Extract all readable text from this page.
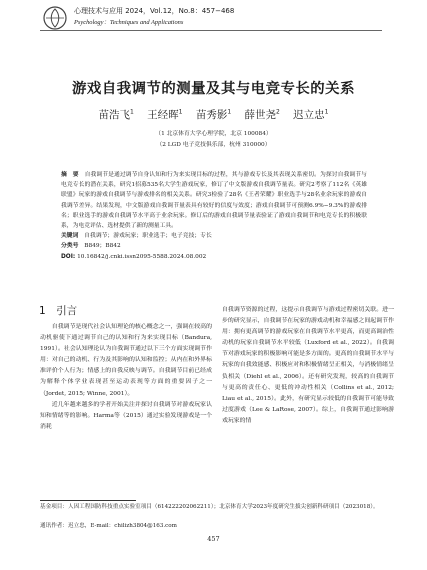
心理技术与应用 2024，Vol.12，No.8：457−468
Psychology：Techniques and Applications
游戏自我调节的测量及其与电竞专长的关系
苗浩飞$^1$ 王经晖$^1$ 苗秀影$^1$ 薛世尧$^2$ 迟立忠$^1$
（1 北京体育大学心理学院，北京 100084）
（2 LGD 电子竞技俱乐部，杭州 310000）

摘　要　 自我调节是通过调节自身认知和行为来实现目标的过程，其与游戏专长及其表现关系密切。为探讨自我调节与电竞专长的潜在关系，研究1招募535名大学生游戏玩家，修订了中文版游戏自我调节量表。研究2考察了112名《英雄联盟》玩家的游戏自我调节与游戏排名的相关关系。研究3检验了28名《王者荣耀》职业选手与28名业余玩家的游戏自我调节差异。结果发现，中文版游戏自我调节量表具有较好的信度与效度；游戏自我调节可预测6.9%−9.3%的游戏排名；职业选手的游戏自我调节水平高于业余玩家。修订后的游戏自我调节量表验证了游戏自我调节和电竞专长的积极联系，为电竞评估、选材提供了新的测量工具。

关键词　 自我调节；游戏玩家；职业选手；电子竞技；专长

分类号　 B849；B842

DOI: 10.16842/j.cnki.issn2095-5588.2024.08.002

1　 引言

自我调节是现代社会认知理论的核心概念之一，强调在较高的动机驱使下通过调节自己的认知和行为来实现目标（Bandura, 1991）。社会认知理论认为自我调节通过以下三个方面实现调节作用：对自己的动机、行为及其影响的认知和监控；从内在和外界标准评价个人行为；情感上的自我反映与调节。自我调节目前已经成为解释个体学业表现甚至运动表现等方面的重要因子之一（Jordet, 2015; Winne, 2001）。

近几年越来越多的学者开始关注并探讨自我调节对游戏玩家认知和情绪等的影响。Harma等（2015）通过实验发现游戏是一个消耗

自我调节资源的过程，这提示自我调节与游戏过程密切关联。进一步的研究显示，自我调节在玩家的游戏动机和幸福感之间起调节作用：拥有更高调节的游戏玩家在自我调节水平更高，而更高调治性动机的玩家自我调节水平较低（Luxford et al., 2022）。自我调节对游戏玩家的积极影响可能是多方面的。更高的自我调节水平与玩家的自我效能感、积极应对和积极情绪呈正相关，与消极情绪呈负相关（Diehl et al., 2006）。还有研究发现，较高的自我调节与更高的责任心、更低的冲动性相关（Collins et al., 2012; Liau et al., 2015）。此外，有研究显示较低的自我调节可能导致过度游戏（Lee & LaRose, 2007）。综上，自我调节通过影响游戏玩家的情

基金项目：人因工程国防科技重点实验室项目（614222202062211）；北京体育大学2023年度研究生拔尖创新科研项目（2023018）。
通讯作者：迟立忠，E-mail：chilizh3804@163.com
457
